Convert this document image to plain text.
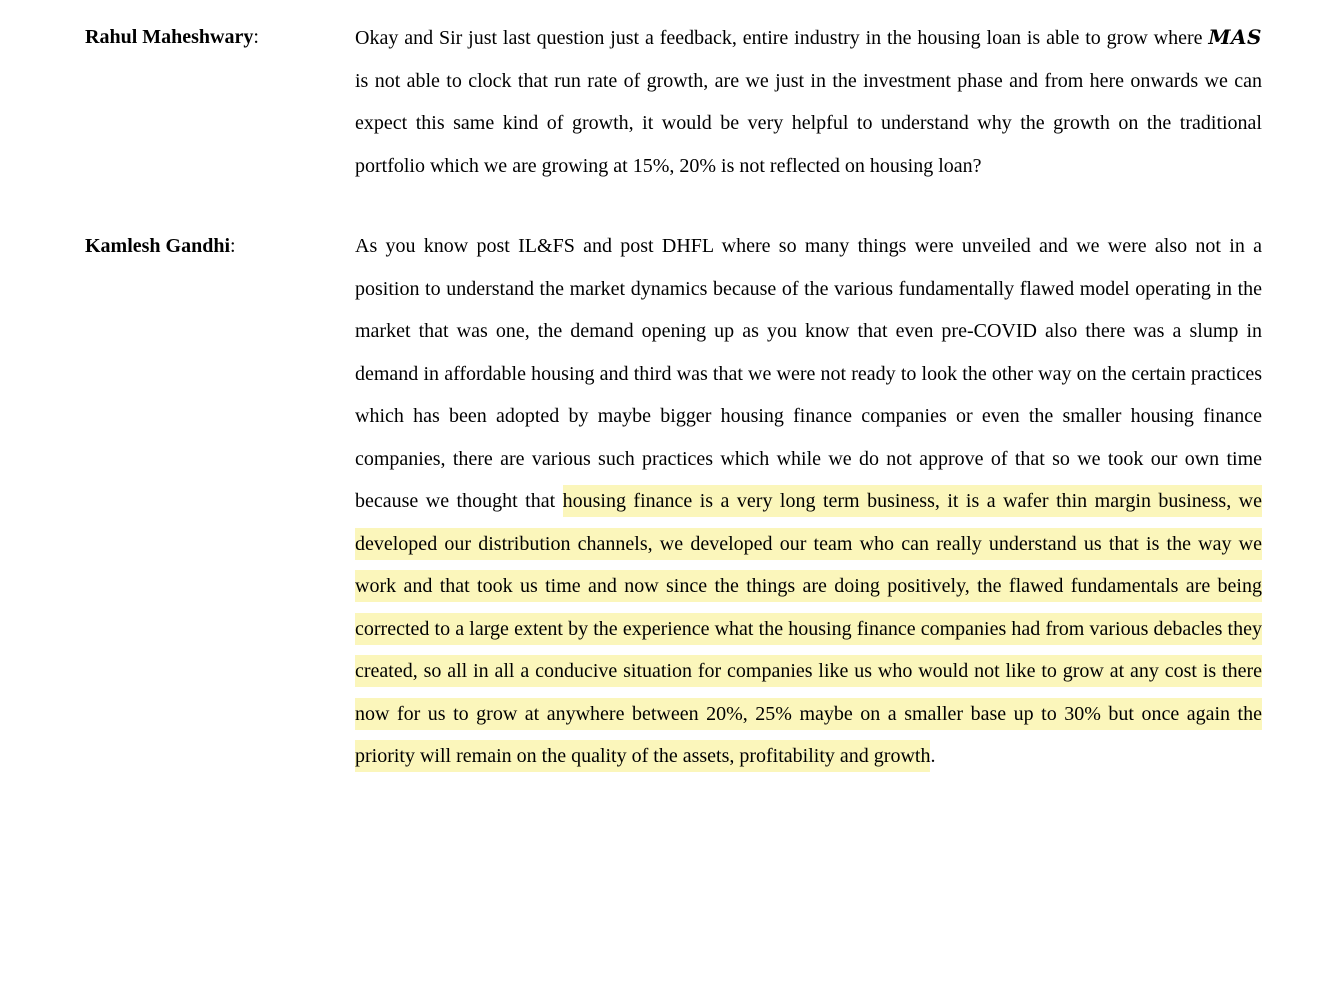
Rahul Maheshwary:	Okay and Sir just last question just a feedback, entire industry in the housing loan is able to grow where MAS is not able to clock that run rate of growth, are we just in the investment phase and from here onwards we can expect this same kind of growth, it would be very helpful to understand why the growth on the traditional portfolio which we are growing at 15%, 20% is not reflected on housing loan?

Kamlesh Gandhi:	As you know post IL&FS and post DHFL where so many things were unveiled and we were also not in a position to understand the market dynamics because of the various fundamentally flawed model operating in the market that was one, the demand opening up as you know that even pre-COVID also there was a slump in demand in affordable housing and third was that we were not ready to look the other way on the certain practices which has been adopted by maybe bigger housing finance companies or even the smaller housing finance companies, there are various such practices which while we do not approve of that so we took our own time because we thought that housing finance is a very long term business, it is a wafer thin margin business, we developed our distribution channels, we developed our team who can really understand us that is the way we work and that took us time and now since the things are doing positively, the flawed fundamentals are being corrected to a large extent by the experience what the housing finance companies had from various debacles they created, so all in all a conducive situation for companies like us who would not like to grow at any cost is there now for us to grow at anywhere between 20%, 25% maybe on a smaller base up to 30% but once again the priority will remain on the quality of the assets, profitability and growth.
